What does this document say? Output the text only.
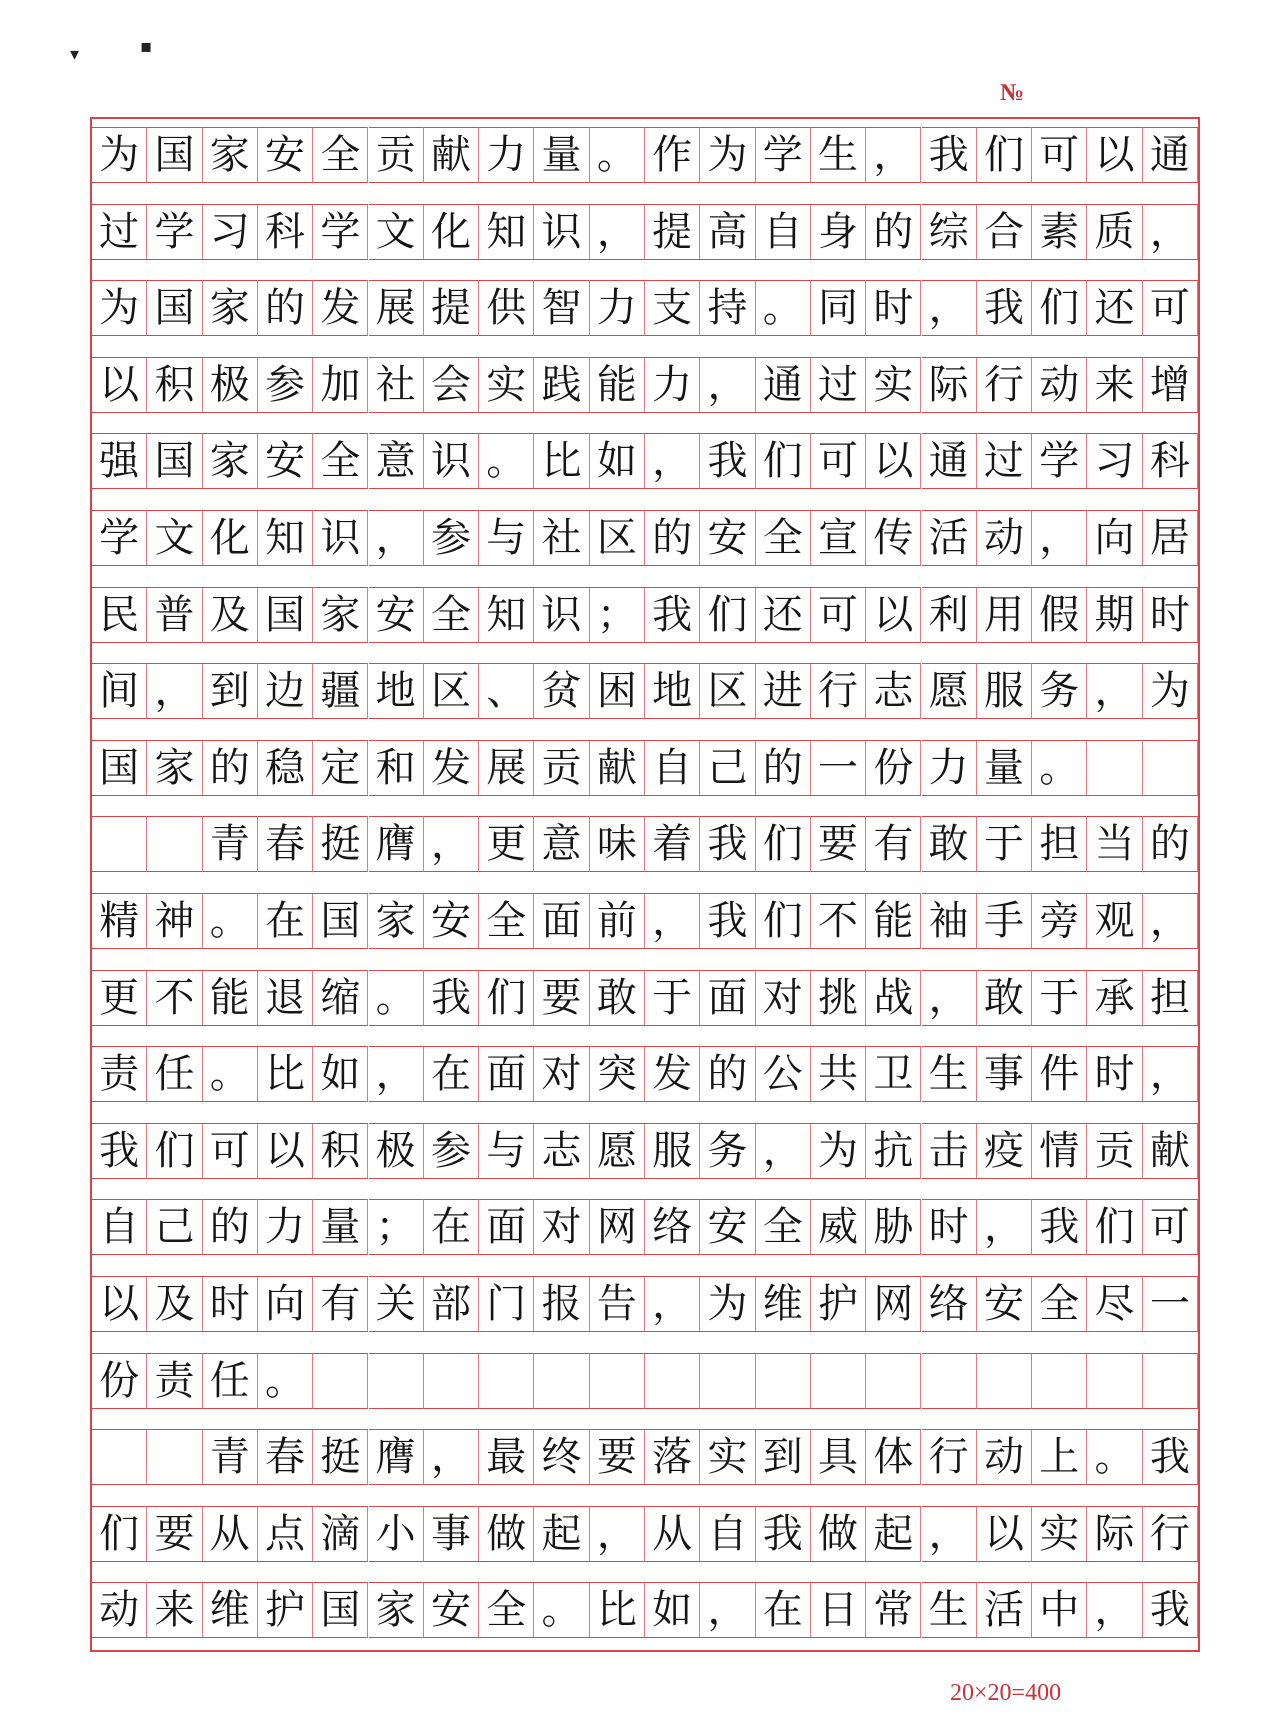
▾	▪
№
为 国 家 安 全 贡 献 力 量 。 作 为 学 生 ， 我 们 可 以 通
过 学 习 科 学 文 化 知 识 ， 提 高 自 身 的 综 合 素 质 ，
为 国 家 的 发 展 提 供 智 力 支 持 。 同 时 ， 我 们 还 可
以 积 极 参 加 社 会 实 践 能 力 ， 通 过 实 际 行 动 来 增
强 国 家 安 全 意 识 。 比 如 ， 我 们 可 以 通 过 学 习 科
学 文 化 知 识 ， 参 与 社 区 的 安 全 宣 传 活 动 ， 向 居
民 普 及 国 家 安 全 知 识 ； 我 们 还 可 以 利 用 假 期 时
间 ， 到 边 疆 地 区 、 贫 困 地 区 进 行 志 愿 服 务 ， 为
国 家 的 稳 定 和 发 展 贡 献 自 己 的 一 份 力 量 。

青 春 挺 膺 ， 更 意 味 着 我 们 要 有 敢 于 担 当 的
精 神 。 在 国 家 安 全 面 前 ， 我 们 不 能 袖 手 旁 观 ，
更 不 能 退 缩 。 我 们 要 敢 于 面 对 挑 战 ， 敢 于 承 担
责 任 。 比 如 ， 在 面 对 突 发 的 公 共 卫 生 事 件 时 ，
我 们 可 以 积 极 参 与 志 愿 服 务 ， 为 抗 击 疫 情 贡 献
自 己 的 力 量 ； 在 面 对 网 络 安 全 威 胁 时 ， 我 们 可
以 及 时 向 有 关 部 门 报 告 ， 为 维 护 网 络 安 全 尽 一
份 责 任 。

青 春 挺 膺 ， 最 终 要 落 实 到 具 体 行 动 上 。 我
们 要 从 点 滴 小 事 做 起 ， 从 自 我 做 起 ， 以 实 际 行
动 来 维 护 国 家 安 全 。 比 如 ， 在 日 常 生 活 中 ， 我
20×20=400
